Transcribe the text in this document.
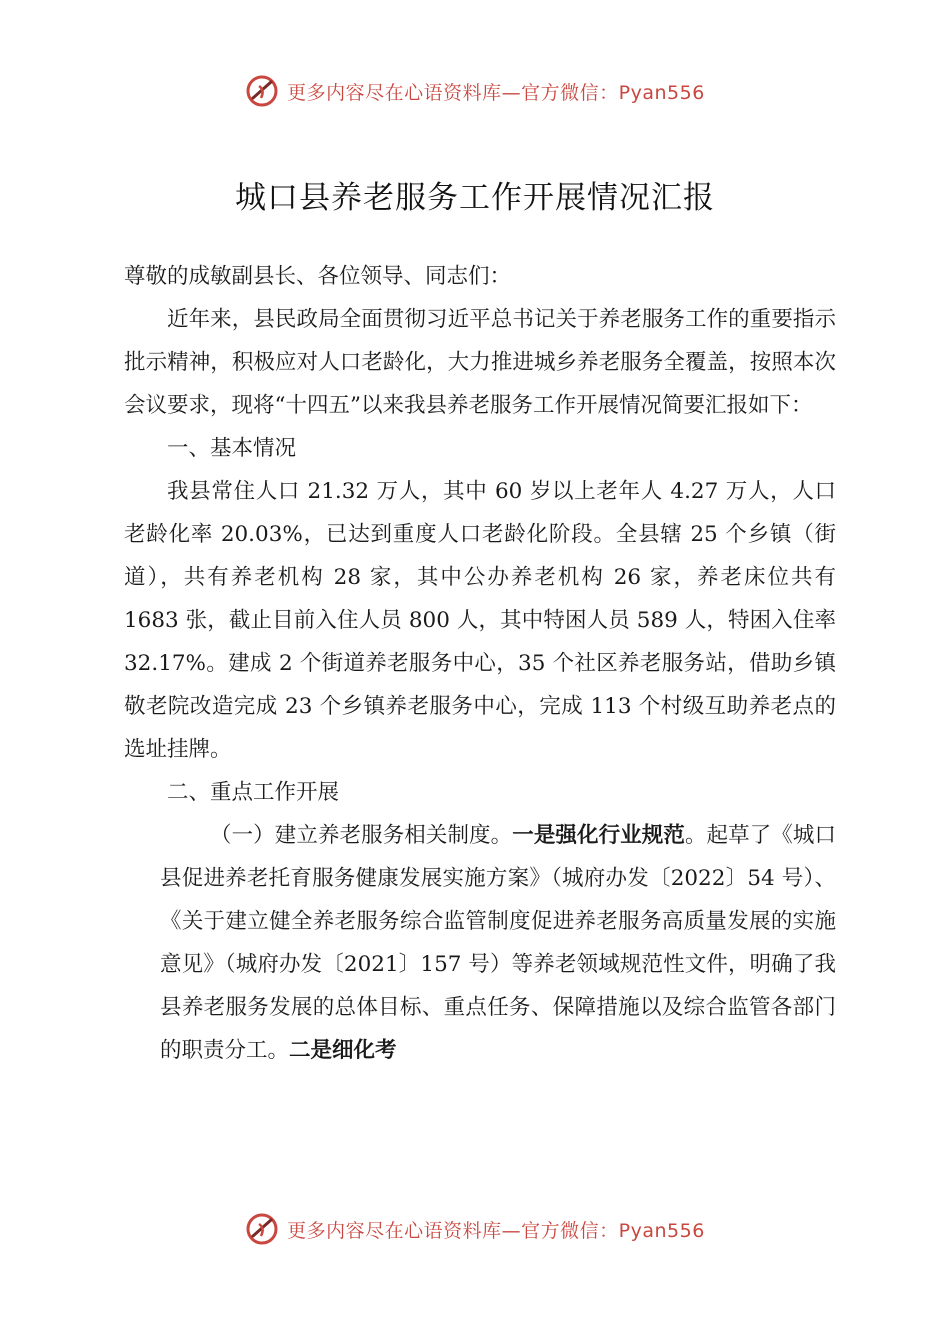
更多内容尽在心语资料库—官方微信：Pyan556
城口县养老服务工作开展情况汇报

尊敬的成敏副县长、各位领导、同志们：

近年来，县民政局全面贯彻习近平总书记关于养老服务工作的重要指示批示精神，积极应对人口老龄化，大力推进城乡养老服务全覆盖，按照本次会议要求，现将“十四五”以来我县养老服务工作开展情况简要汇报如下：

一、基本情况

我县常住人口 21.32 万人，其中 60 岁以上老年人 4.27 万人，人口老龄化率 20.03%，已达到重度人口老龄化阶段。全县辖 25 个乡镇（街道），共有养老机构 28 家，其中公办养老机构 26 家，养老床位共有 1683 张，截止目前入住人员 800 人，其中特困人员 589 人，特困入住率 32.17%。建成 2 个街道养老服务中心，35 个社区养老服务站，借助乡镇敬老院改造完成 23 个乡镇养老服务中心，完成 113 个村级互助养老点的选址挂牌。

二、重点工作开展

（一）建立养老服务相关制度。一是强化行业规范。起草了《城口县促进养老托育服务健康发展实施方案》（城府办发〔2022〕54 号）、《关于建立健全养老服务综合监管制度促进养老服务高质量发展的实施意见》（城府办发〔2021〕157 号）等养老领域规范性文件，明确了我县养老服务发展的总体目标、重点任务、保障措施以及综合监管各部门的职责分工。二是细化考

更多内容尽在心语资料库—官方微信：Pyan556
